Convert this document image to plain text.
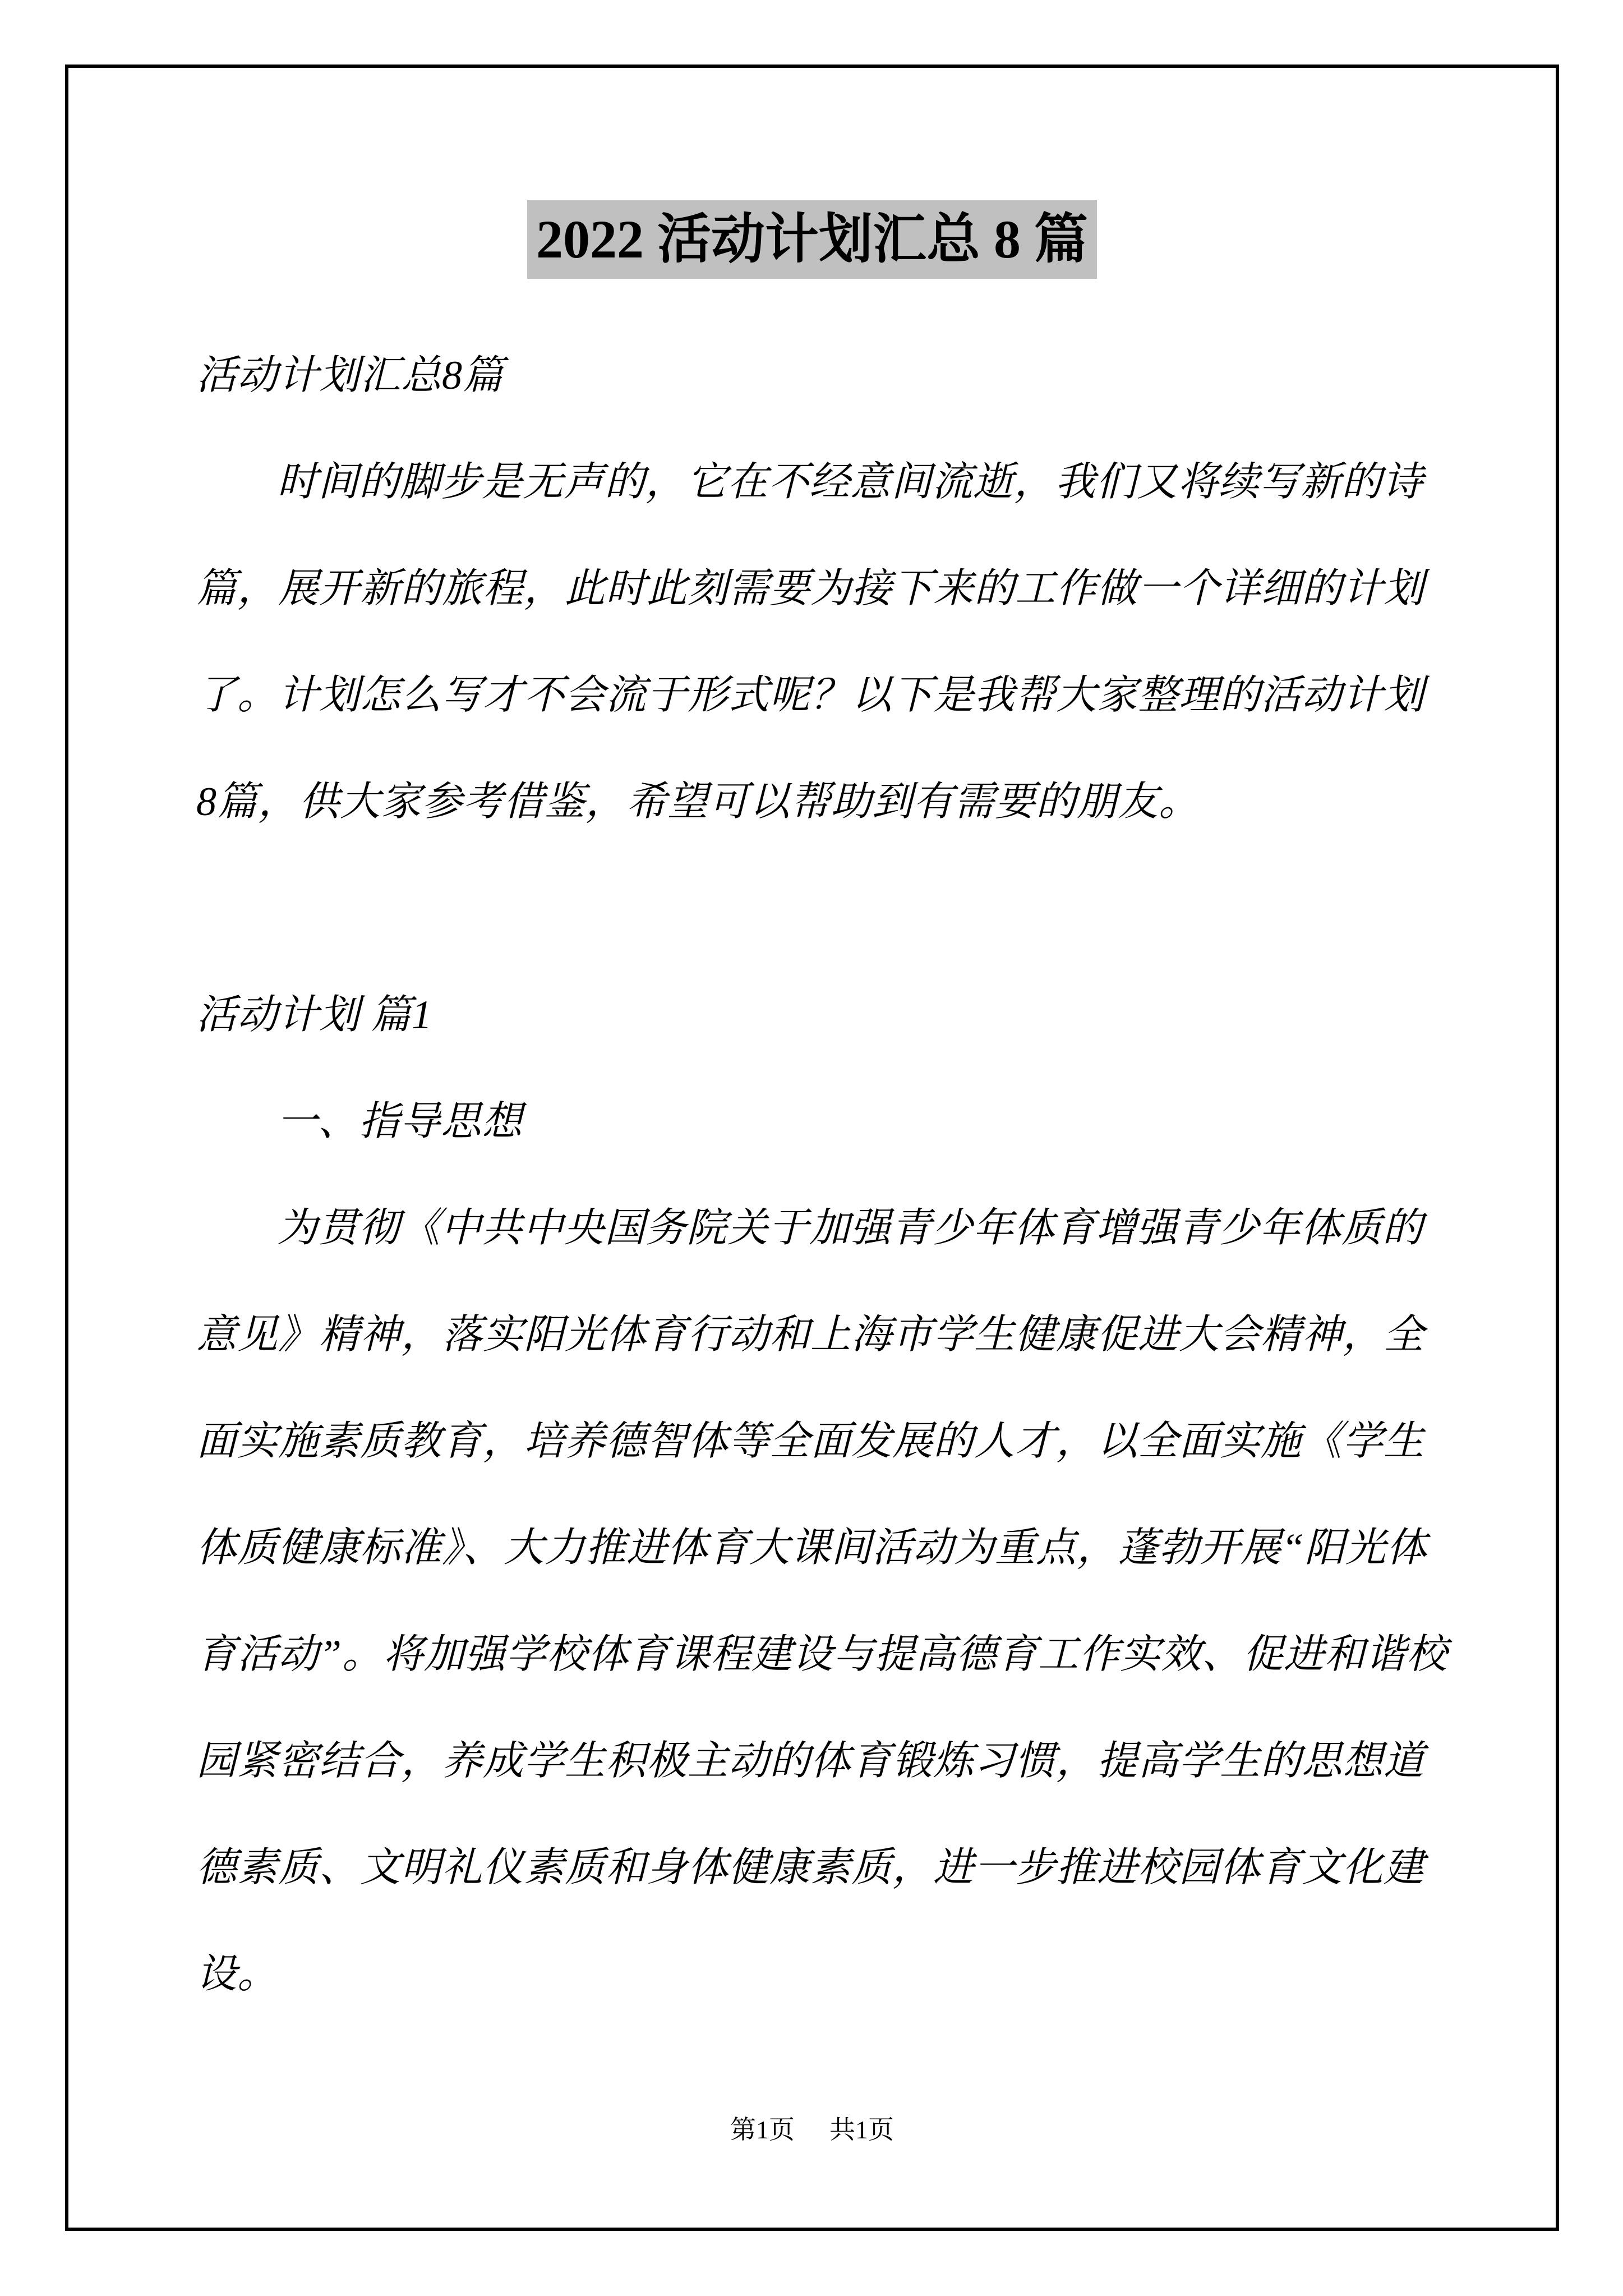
2022 活动计划汇总 8 篇
活动计划汇总8篇
时间的脚步是无声的，它在不经意间流逝，我们又将续写新的诗
篇，展开新的旅程，此时此刻需要为接下来的工作做一个详细的计划
了。计划怎么写才不会流于形式呢？以下是我帮大家整理的活动计划
8篇，供大家参考借鉴，希望可以帮助到有需要的朋友。
活动计划 篇1
一、指导思想
为贯彻《中共中央国务院关于加强青少年体育增强青少年体质的
意见》精神，落实阳光体育行动和上海市学生健康促进大会精神，全
面实施素质教育，培养德智体等全面发展的人才，以全面实施《学生
体质健康标准》、大力推进体育大课间活动为重点，蓬勃开展“阳光体
育活动”。将加强学校体育课程建设与提高德育工作实效、促进和谐校
园紧密结合，养成学生积极主动的体育锻炼习惯，提高学生的思想道
德素质、文明礼仪素质和身体健康素质，进一步推进校园体育文化建
设。
第1页 共1页
